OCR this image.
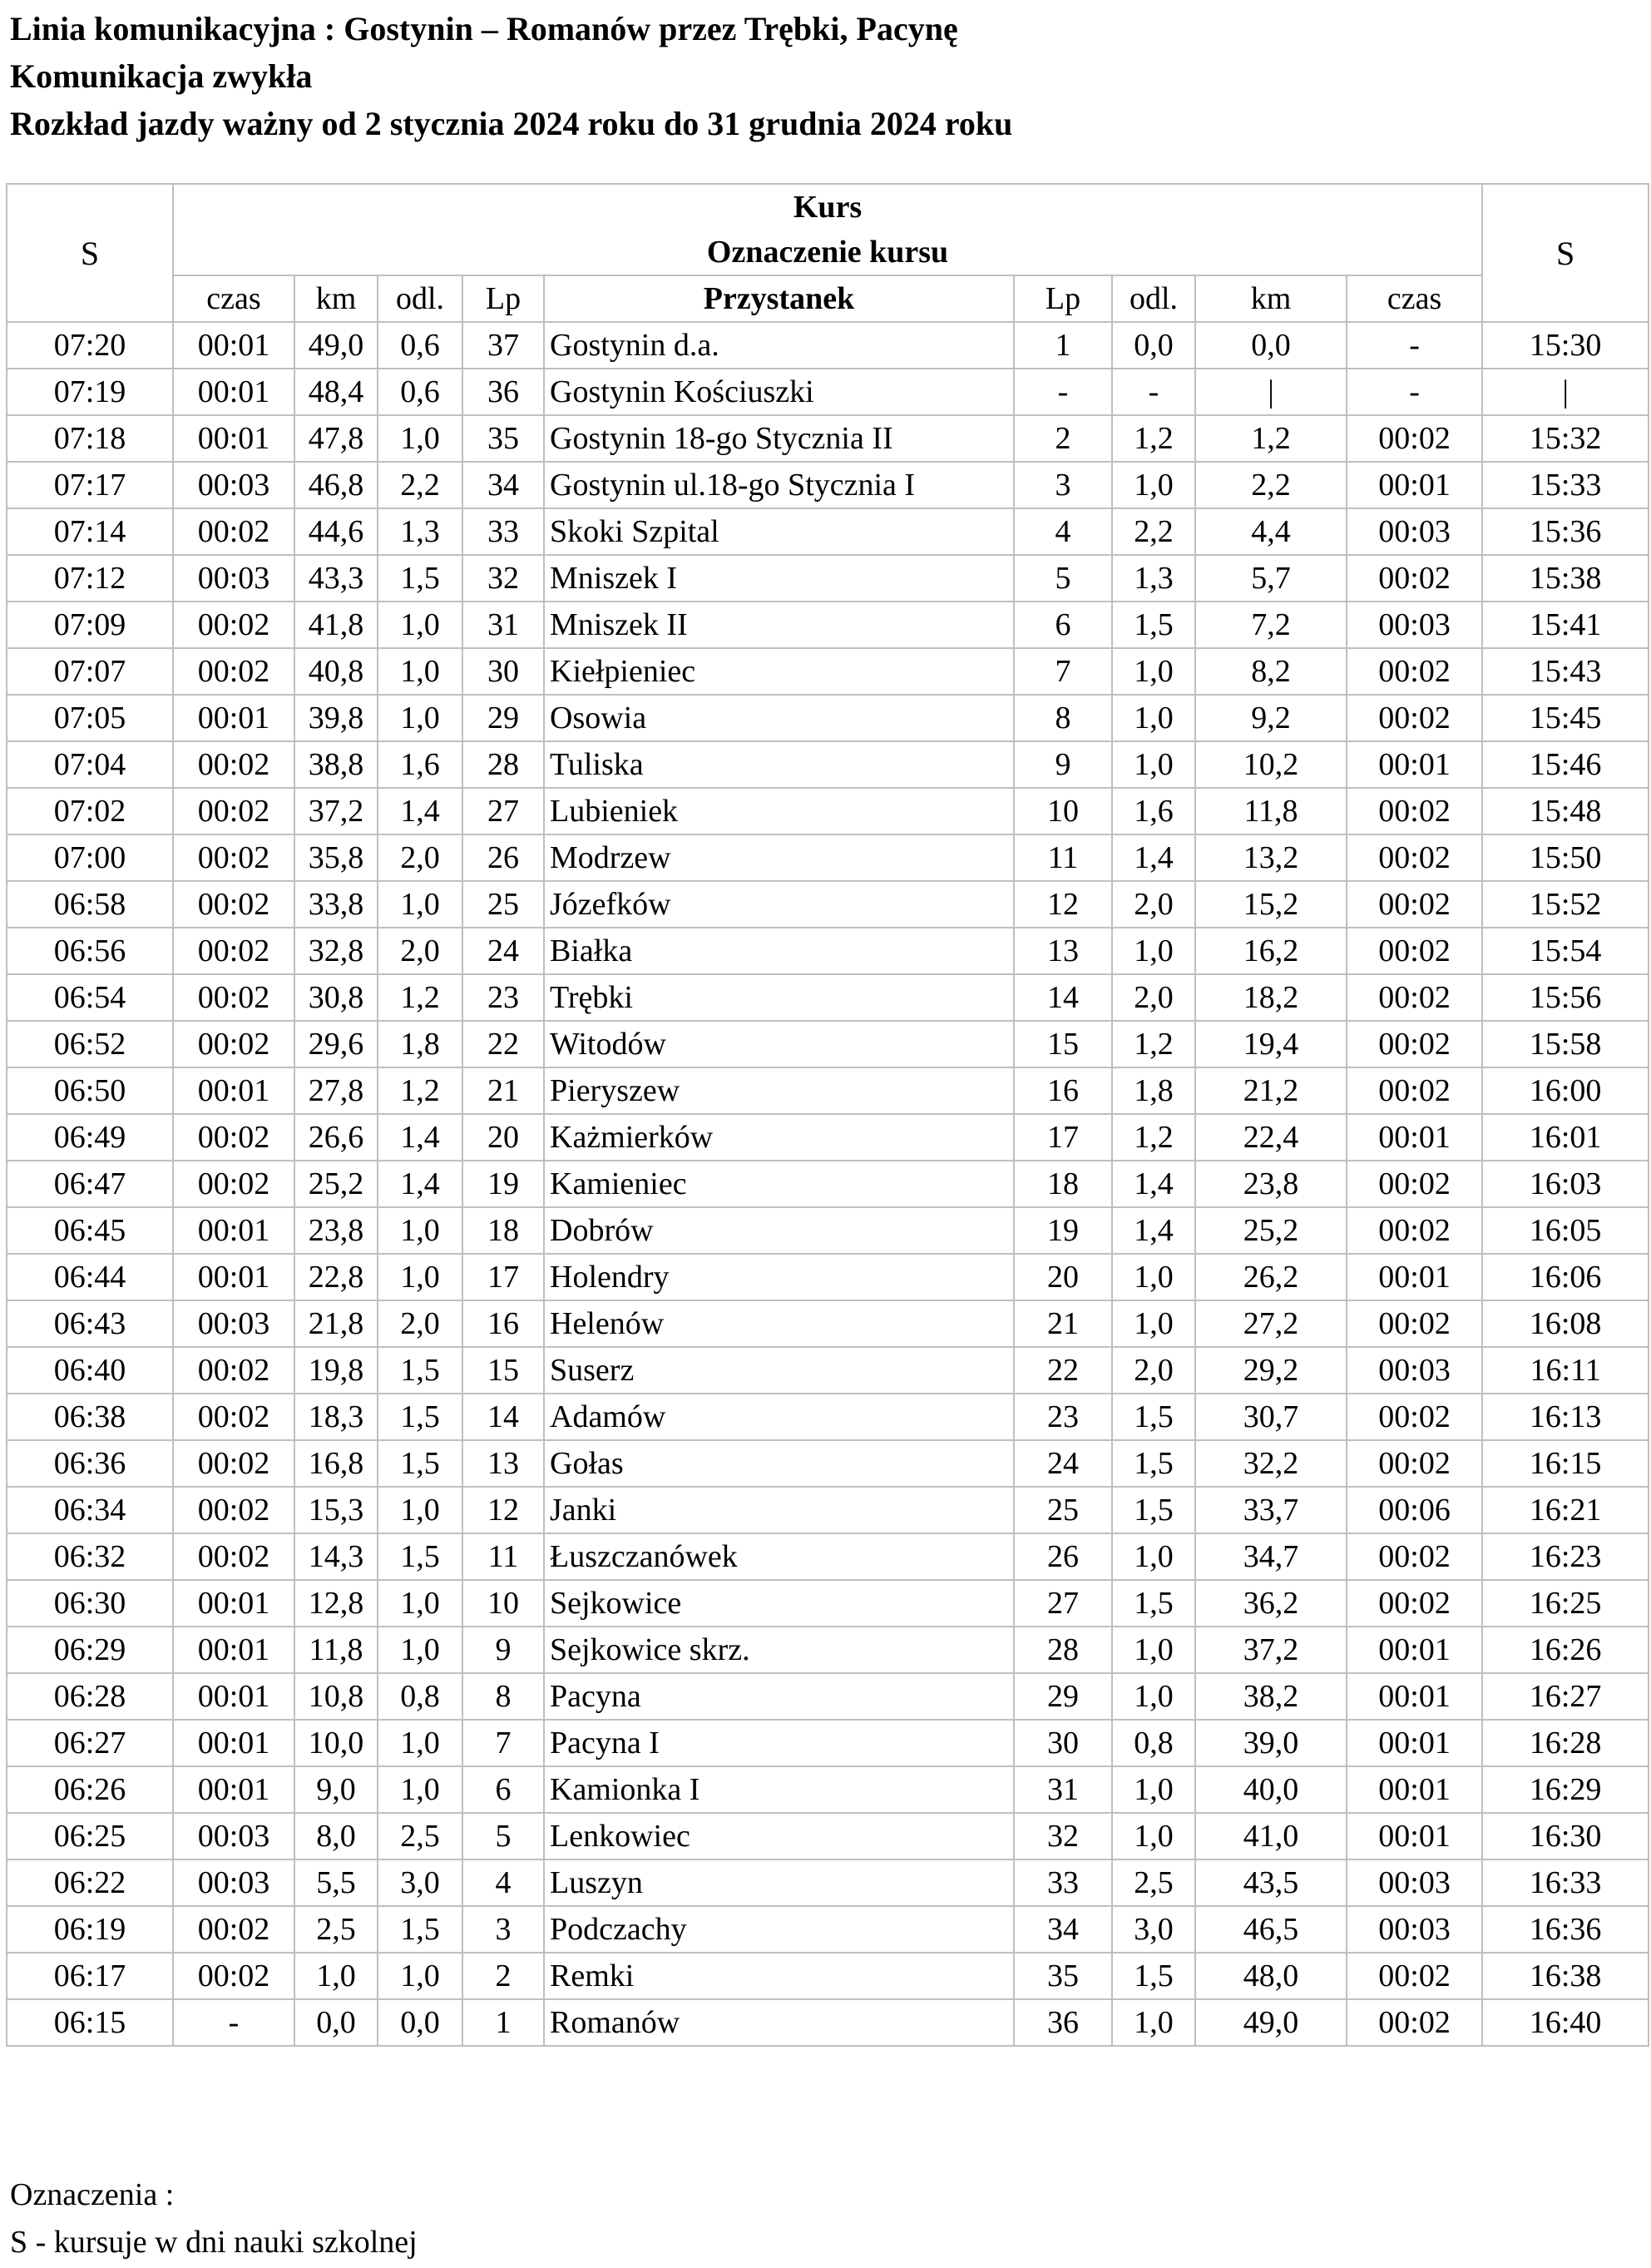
Linia komunikacyjna : Gostynin – Romanów przez Trębki, Pacynę
Komunikacja zwykła
Rozkład jazdy ważny od 2 stycznia 2024 roku do 31 grudnia 2024 roku
S	Kurs									S
	Oznaczenie kursu									
	czas	km	odl.	Lp	Przystanek	Lp	odl.	km	czas	
07:20	00:01	49,0	0,6	37	Gostynin d.a.	1	0,0	0,0	-	15:30
07:19	00:01	48,4	0,6	36	Gostynin Kościuszki	-	-	|	-	|
07:18	00:01	47,8	1,0	35	Gostynin 18-go Stycznia II	2	1,2	1,2	00:02	15:32
07:17	00:03	46,8	2,2	34	Gostynin ul.18-go Stycznia I	3	1,0	2,2	00:01	15:33
07:14	00:02	44,6	1,3	33	Skoki Szpital	4	2,2	4,4	00:03	15:36
07:12	00:03	43,3	1,5	32	Mniszek I	5	1,3	5,7	00:02	15:38
07:09	00:02	41,8	1,0	31	Mniszek II	6	1,5	7,2	00:03	15:41
07:07	00:02	40,8	1,0	30	Kiełpieniec	7	1,0	8,2	00:02	15:43
07:05	00:01	39,8	1,0	29	Osowia	8	1,0	9,2	00:02	15:45
07:04	00:02	38,8	1,6	28	Tuliska	9	1,0	10,2	00:01	15:46
07:02	00:02	37,2	1,4	27	Lubieniek	10	1,6	11,8	00:02	15:48
07:00	00:02	35,8	2,0	26	Modrzew	11	1,4	13,2	00:02	15:50
06:58	00:02	33,8	1,0	25	Józefków	12	2,0	15,2	00:02	15:52
06:56	00:02	32,8	2,0	24	Białka	13	1,0	16,2	00:02	15:54
06:54	00:02	30,8	1,2	23	Trębki	14	2,0	18,2	00:02	15:56
06:52	00:02	29,6	1,8	22	Witodów	15	1,2	19,4	00:02	15:58
06:50	00:01	27,8	1,2	21	Pieryszew	16	1,8	21,2	00:02	16:00
06:49	00:02	26,6	1,4	20	Każmierków	17	1,2	22,4	00:01	16:01
06:47	00:02	25,2	1,4	19	Kamieniec	18	1,4	23,8	00:02	16:03
06:45	00:01	23,8	1,0	18	Dobrów	19	1,4	25,2	00:02	16:05
06:44	00:01	22,8	1,0	17	Holendry	20	1,0	26,2	00:01	16:06
06:43	00:03	21,8	2,0	16	Helenów	21	1,0	27,2	00:02	16:08
06:40	00:02	19,8	1,5	15	Suserz	22	2,0	29,2	00:03	16:11
06:38	00:02	18,3	1,5	14	Adamów	23	1,5	30,7	00:02	16:13
06:36	00:02	16,8	1,5	13	Gołas	24	1,5	32,2	00:02	16:15
06:34	00:02	15,3	1,0	12	Janki	25	1,5	33,7	00:06	16:21
06:32	00:02	14,3	1,5	11	Łuszczanówek	26	1,0	34,7	00:02	16:23
06:30	00:01	12,8	1,0	10	Sejkowice	27	1,5	36,2	00:02	16:25
06:29	00:01	11,8	1,0	9	Sejkowice skrz.	28	1,0	37,2	00:01	16:26
06:28	00:01	10,8	0,8	8	Pacyna	29	1,0	38,2	00:01	16:27
06:27	00:01	10,0	1,0	7	Pacyna I	30	0,8	39,0	00:01	16:28
06:26	00:01	9,0	1,0	6	Kamionka I	31	1,0	40,0	00:01	16:29
06:25	00:03	8,0	2,5	5	Lenkowiec	32	1,0	41,0	00:01	16:30
06:22	00:03	5,5	3,0	4	Luszyn	33	2,5	43,5	00:03	16:33
06:19	00:02	2,5	1,5	3	Podczachy	34	3,0	46,5	00:03	16:36
06:17	00:02	1,0	1,0	2	Remki	35	1,5	48,0	00:02	16:38
06:15	-	0,0	0,0	1	Romanów	36	1,0	49,0	00:02	16:40
Oznaczenia :
S - kursuje w dni nauki szkolnej
